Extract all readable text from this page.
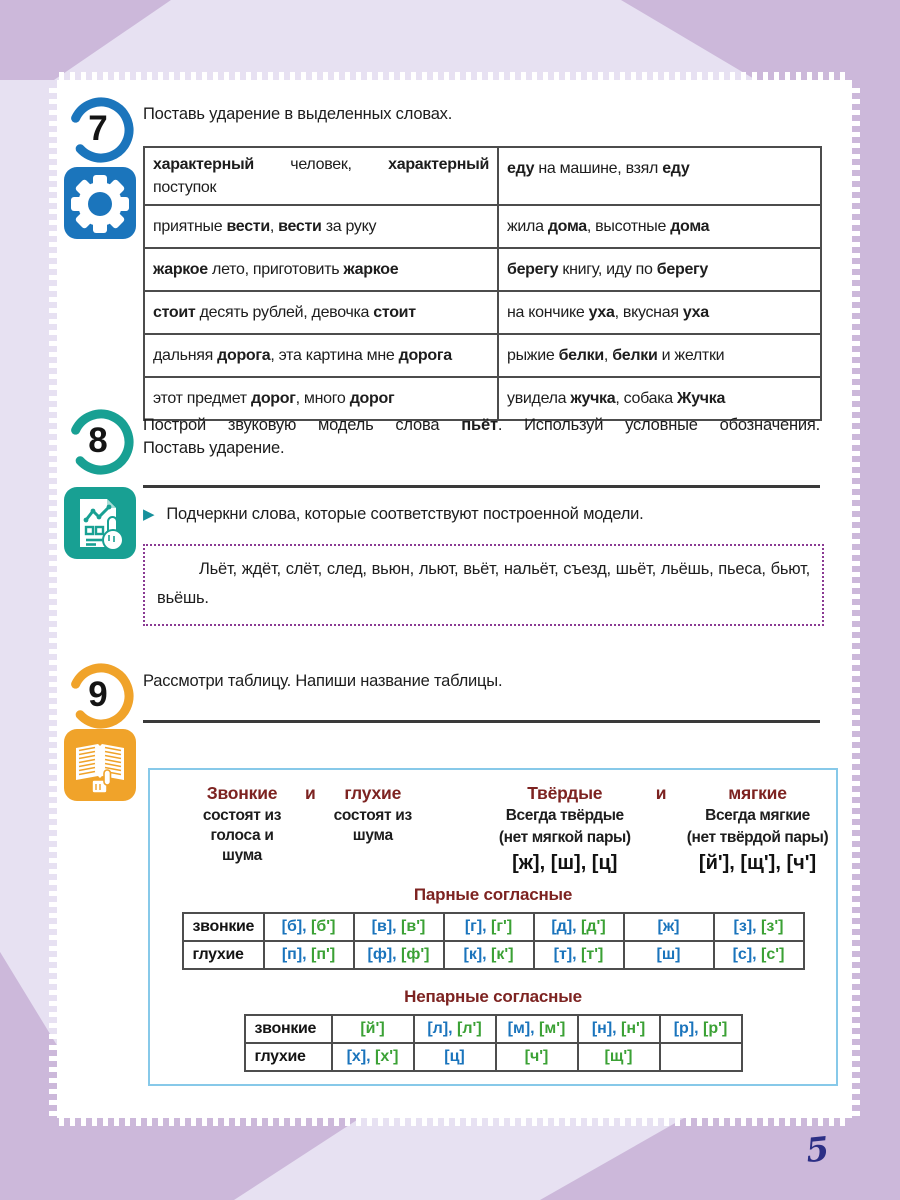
7	Поставь ударение в выделенных словах.
характерный человек, характерный поступок	еду на машине, взял еду
приятные вести, вести за руку	жила дома, высотные дома
жаркое лето, приготовить жаркое	берегу книгу, иду по берегу
стоит десять рублей, девочка стоит	на кончике уха, вкусная уха
дальняя дорога, эта картина мне дорога	рыжие белки, белки и желтки
этот предмет дорог, много дорог	увидела жучка, собака Жучка
8	Построй звуковую модель слова пьёт. Используй условные обозначения.
Поставь ударение.
▶ Подчеркни слова, которые соответствуют построенной модели.
Льёт, ждёт, слёт, след, вьюн, льют, вьёт, нальёт, съезд, шьёт, льёшь, пьеса, бьют, вьёшь.
9	Рассмотри таблицу. Напиши название таблицы.
Звонкие
состоят из голоса и шума
и	глухие
состоят из шума
Твёрдые
Всегда твёрдые
(нет мягкой пары)
[ж], [ш], [ц]
и	мягкие
Всегда мягкие
(нет твёрдой пары)
[й'], [щ'], [ч']
Парные согласные
звонкие	[б], [б']	[в], [в']	[г], [г']	[д], [д']	[ж]	[з], [з']
глухие	[п], [п']	[ф], [ф']	[к], [к']	[т], [т']	[ш]	[с], [с']
Непарные согласные
звонкие	[й']	[л], [л']	[м], [м']	[н], [н']	[р], [р']
глухие	[х], [х']	[ц]	[ч']	[щ']	
5
